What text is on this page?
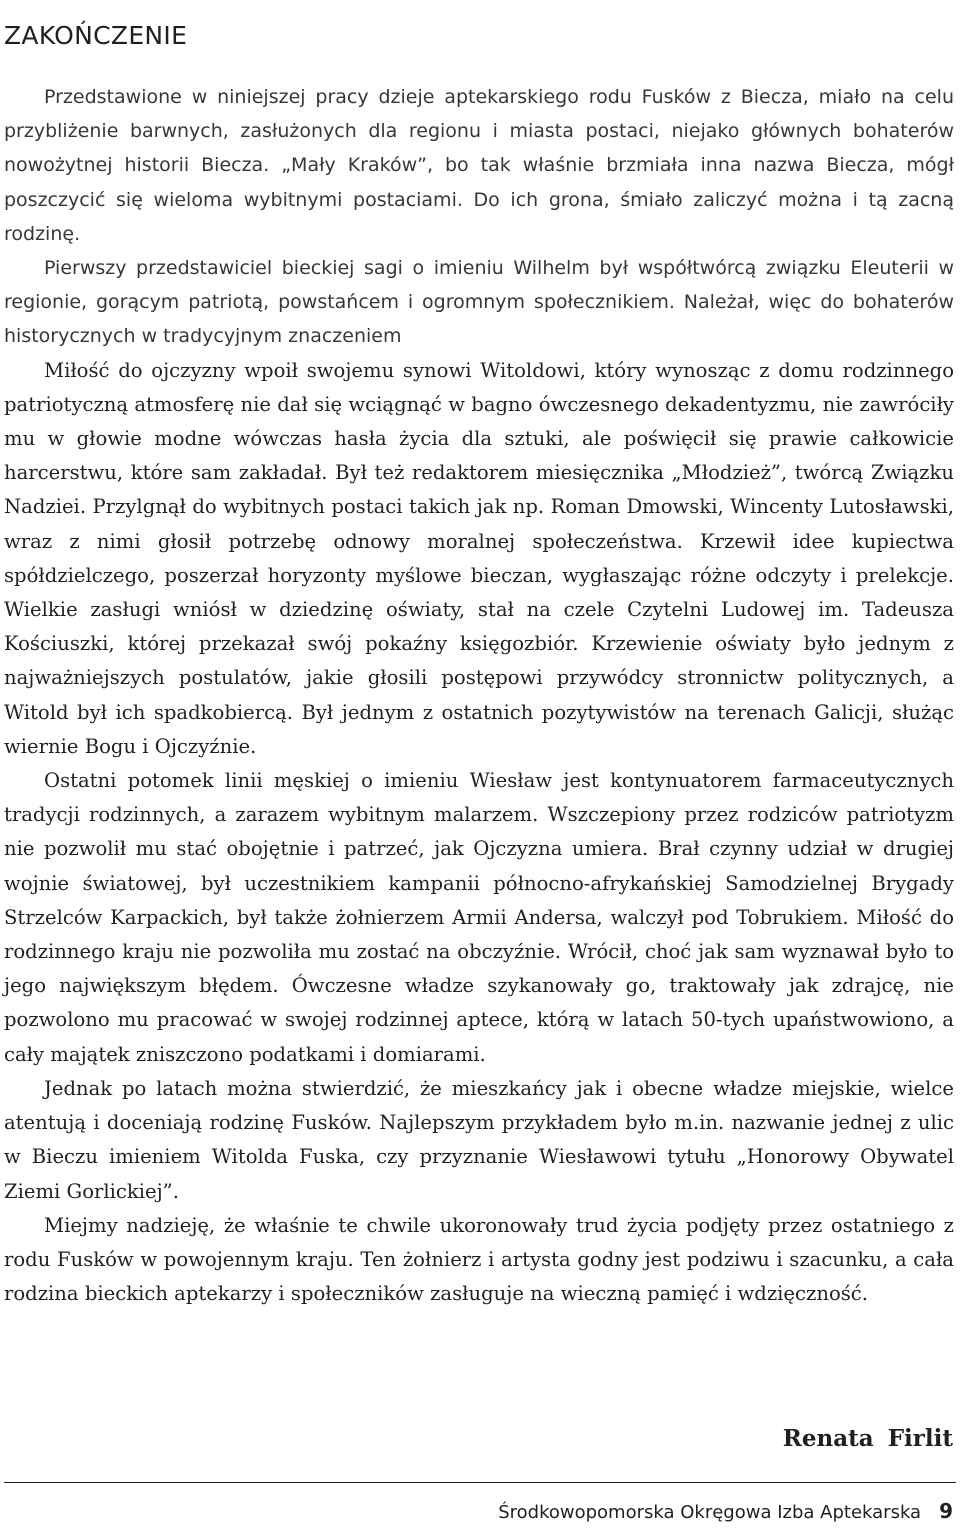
ZAKOŃCZENIE

Przedstawione w niniejszej pracy dzieje aptekarskiego rodu Fusków z Biecza, miało na celu przybliżenie barwnych, zasłużonych dla regionu i miasta postaci, niejako głównych bohaterów nowożytnej historii Biecza. „Mały Kraków”, bo tak właśnie brzmiała inna nazwa Biecza, mógł poszczycić się wieloma wybitnymi postaciami. Do ich grona, śmiało zaliczyć można i tą zacną rodzinę.

Pierwszy przedstawiciel bieckiej sagi o imieniu Wilhelm był współtwórcą związku Eleuterii w regionie, gorącym patriotą, powstańcem i ogromnym społecznikiem. Należał, więc do bohaterów historycznych w tradycyjnym znaczeniem

Miłość do ojczyzny wpoił swojemu synowi Witoldowi, który wynosząc z domu rodzinnego patriotyczną atmosferę nie dał się wciągnąć w bagno ówczesnego dekadentyzmu, nie zawróciły mu w głowie modne wówczas hasła życia dla sztuki, ale poświęcił się prawie całkowicie harcerstwu, które sam zakładał. Był też redaktorem miesięcznika „Młodzież”, twórcą Związku Nadziei. Przylgnął do wybitnych postaci takich jak np. Roman Dmowski, Wincenty Lutosławski, wraz z nimi głosił potrzebę odnowy moralnej społeczeństwa. Krzewił idee kupiectwa spółdzielczego, poszerzał horyzonty myślowe bieczan, wygłaszając różne odczyty i prelekcje. Wielkie zasługi wniósł w dziedzinę oświaty, stał na czele Czytelni Ludowej im. Tadeusza Kościuszki, której przekazał swój pokaźny księgozbiór. Krzewienie oświaty było jednym z najważniejszych postulatów, jakie głosili postępowi przywódcy stronnictw politycznych, a Witold był ich spadkobiercą. Był jednym z ostatnich pozytywistów na terenach Galicji, służąc wiernie Bogu i Ojczyźnie.

Ostatni potomek linii męskiej o imieniu Wiesław jest kontynuatorem farmaceutycznych tradycji rodzinnych, a zarazem wybitnym malarzem. Wszczepiony przez rodziców patriotyzm nie pozwolił mu stać obojętnie i patrzeć, jak Ojczyzna umiera. Brał czynny udział w drugiej wojnie światowej, był uczestnikiem kampanii północno-afrykańskiej Samodzielnej Brygady Strzelców Karpackich, był także żołnierzem Armii Andersa, walczył pod Tobrukiem. Miłość do rodzinnego kraju nie pozwoliła mu zostać na obczyźnie. Wrócił, choć jak sam wyznawał było to jego największym błędem. Ówczesne władze szykanowały go, traktowały jak zdrajcę, nie pozwolono mu pracować w swojej rodzinnej aptece, którą w latach 50-tych upaństwowiono, a cały majątek zniszczono podatkami i domiarami.

Jednak po latach można stwierdzić, że mieszkańcy jak i obecne władze miejskie, wielce atentują i doceniają rodzinę Fusków. Najlepszym przykładem było m.in. nazwanie jednej z ulic w Bieczu imieniem Witolda Fuska, czy przyznanie Wiesławowi tytułu „Honorowy Obywatel Ziemi Gorlickiej”.

Miejmy nadzieję, że właśnie te chwile ukoronowały trud życia podjęty przez ostatniego z rodu Fusków w powojennym kraju. Ten żołnierz i artysta godny jest podziwu i szacunku, a cała rodzina bieckich aptekarzy i społeczników zasługuje na wieczną pamięć i wdzięczność.

Renata Firlit
Środkowopomorska Okręgowa Izba Aptekarska 9
